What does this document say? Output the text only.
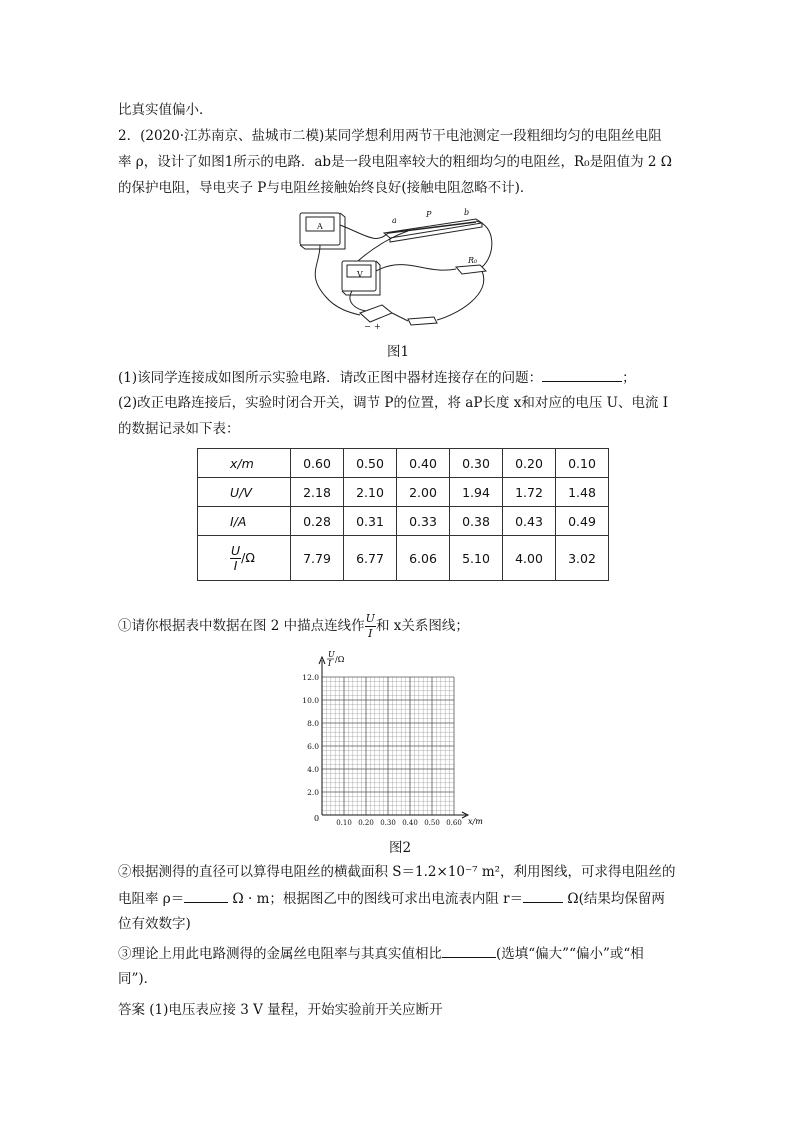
比真实值偏小．
2．(2020·江苏南京、盐城市二模)某同学想利用两节干电池测定一段粗细均匀的电阻丝电阻
率 ρ，设计了如图1所示的电路．ab是一段电阻率较大的粗细均匀的电阻丝，R₀是阻值为 2 Ω
的保护电阻，导电夹子 P与电阻丝接触始终良好(接触电阻忽略不计)．
a
P	b
R₀
A
V
− +
图1
(1)该同学连接成如图所示实验电路．请改正图中器材连接存在的问题：	；
(2)改正电路连接后，实验时闭合开关，调节 P的位置，将 aP长度 x和对应的电压 U、电流 I
的数据记录如下表：
x/m	0.60	0.50	0.40	0.30	0.20	0.10
U/V	2.18	2.10	2.00	1.94	1.72	1.48
I/A	0.28	0.31	0.33	0.38	0.43	0.49

$\frac{U}{I} /\Omega$	7.79	6.77	6.06	5.10	4.00	3.02
①请你根据表中数据在图 2 中描点连线作 $\frac{U}{I}$ 和 x关系图线；
0.10 0.20 0.30 0.40 0.50 0.60
2.0
4.0
6.0
8.0
10.0
12.0
0	x/m
U
I /Ω
图2
②根据测得的直径可以算得电阻丝的横截面积 S＝1.2×10⁻⁷ m²，利用图线，可求得电阻丝的
电阻率 ρ＝	Ω · m；根据图乙中的图线可求出电流表内阻 r＝	Ω(结果均保留两
位有效数字)
③理论上用此电路测得的金属丝电阻率与其真实值相比	(选填“偏大”“偏小”或“相
同”)．
答案 (1)电压表应接 3 V 量程，开始实验前开关应断开
